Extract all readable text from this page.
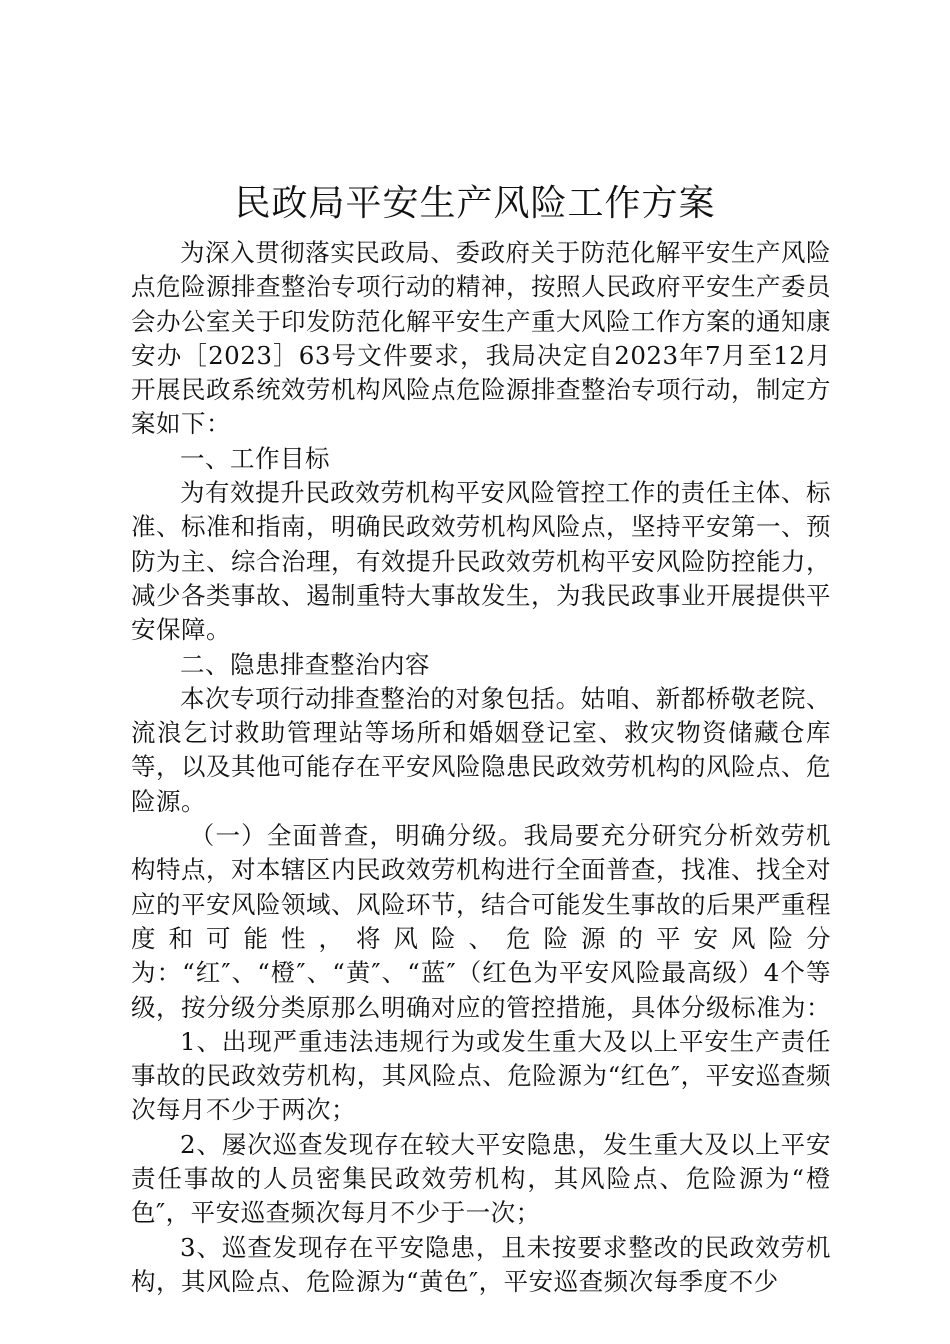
民政局平安生产风险工作方案

为深入贯彻落实民政局、委政府关于防范化解平安生产风险点危险源排查整治专项行动的精神，按照人民政府平安生产委员会办公室关于印发防范化解平安生产重大风险工作方案的通知康安办［2023］63号文件要求，我局决定自2023年7月至12月开展民政系统效劳机构风险点危险源排查整治专项行动，制定方案如下：

一、工作目标

为有效提升民政效劳机构平安风险管控工作的责任主体、标准、标准和指南，明确民政效劳机构风险点，坚持平安第一、预防为主、综合治理，有效提升民政效劳机构平安风险防控能力，减少各类事故、遏制重特大事故发生，为我民政事业开展提供平安保障。

二、隐患排查整治内容

本次专项行动排查整治的对象包括。姑咱、新都桥敬老院、流浪乞讨救助管理站等场所和婚姻登记室、救灾物资储藏仓库等，以及其他可能存在平安风险隐患民政效劳机构的风险点、危险源。

（一）全面普查，明确分级。我局要充分研究分析效劳机构特点，对本辖区内民政效劳机构进行全面普查，找准、找全对应的平安风险领域、风险环节，结合可能发生事故的后果严重程度和可能性，将风险、危险源的平安风险分为：“红″、“橙″、“黄″、“蓝″（红色为平安风险最高级）4个等级，按分级分类原那么明确对应的管控措施，具体分级标准为：

1、出现严重违法违规行为或发生重大及以上平安生产责任事故的民政效劳机构，其风险点、危险源为“红色″，平安巡查频次每月不少于两次；

2、屡次巡查发现存在较大平安隐患，发生重大及以上平安责任事故的人员密集民政效劳机构，其风险点、危险源为“橙色″，平安巡查频次每月不少于一次；

3、巡查发现存在平安隐患，且未按要求整改的民政效劳机构，其风险点、危险源为“黄色″，平安巡查频次每季度不少
